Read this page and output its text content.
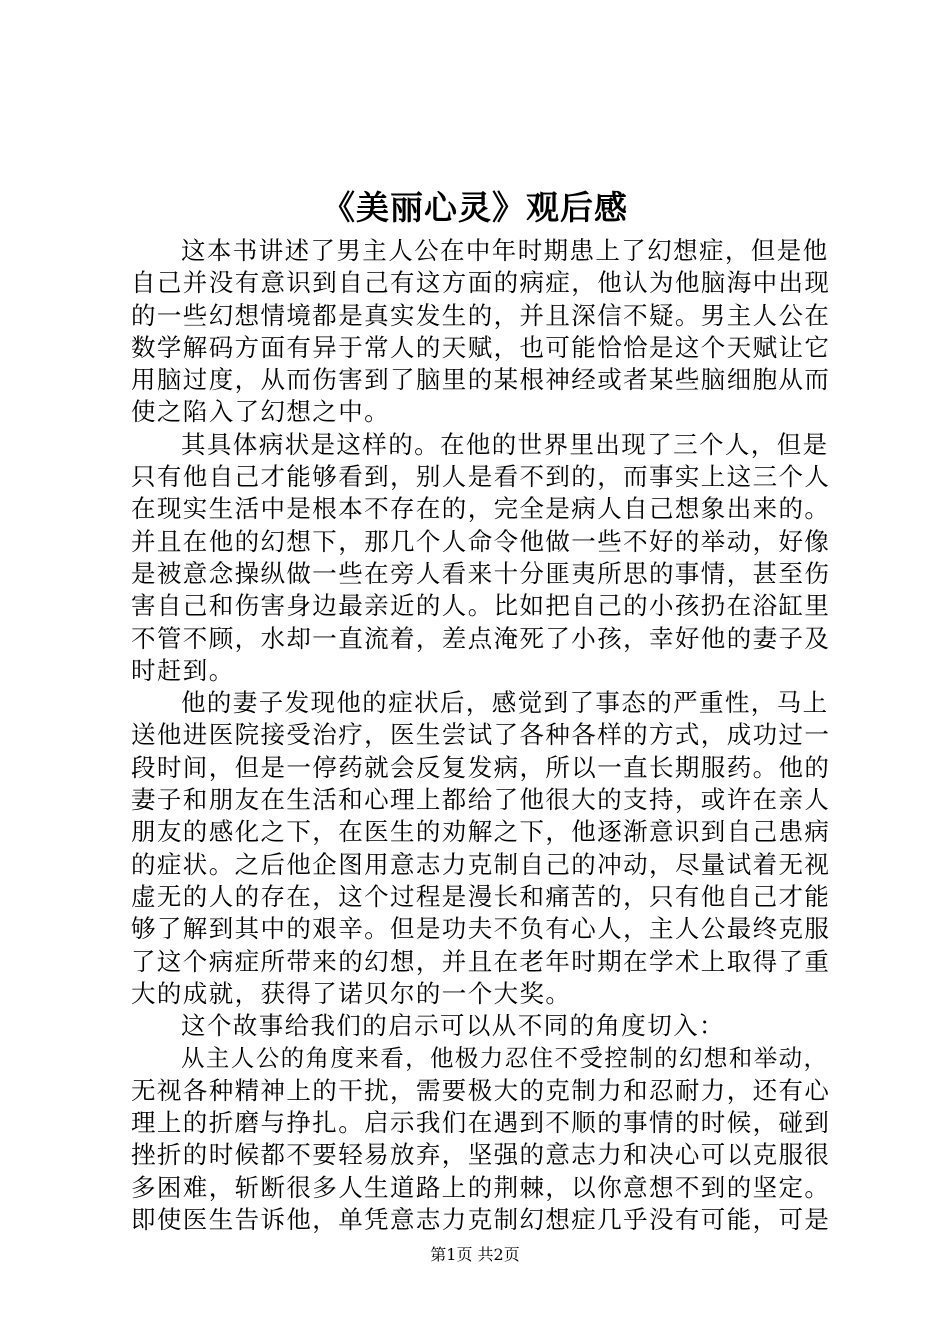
《美丽心灵》观后感
这本书讲述了男主人公在中年时期患上了幻想症，但是他
自己并没有意识到自己有这方面的病症，他认为他脑海中出现
的一些幻想情境都是真实发生的，并且深信不疑。男主人公在
数学解码方面有异于常人的天赋，也可能恰恰是这个天赋让它
用脑过度，从而伤害到了脑里的某根神经或者某些脑细胞从而
使之陷入了幻想之中。
其具体病状是这样的。在他的世界里出现了三个人，但是
只有他自己才能够看到，别人是看不到的，而事实上这三个人
在现实生活中是根本不存在的，完全是病人自己想象出来的。
并且在他的幻想下，那几个人命令他做一些不好的举动，好像
是被意念操纵做一些在旁人看来十分匪夷所思的事情，甚至伤
害自己和伤害身边最亲近的人。比如把自己的小孩扔在浴缸里
不管不顾，水却一直流着，差点淹死了小孩，幸好他的妻子及
时赶到。
他的妻子发现他的症状后，感觉到了事态的严重性，马上
送他进医院接受治疗，医生尝试了各种各样的方式，成功过一
段时间，但是一停药就会反复发病，所以一直长期服药。他的
妻子和朋友在生活和心理上都给了他很大的支持，或许在亲人
朋友的感化之下，在医生的劝解之下，他逐渐意识到自己患病
的症状。之后他企图用意志力克制自己的冲动，尽量试着无视
虚无的人的存在，这个过程是漫长和痛苦的，只有他自己才能
够了解到其中的艰辛。但是功夫不负有心人，主人公最终克服
了这个病症所带来的幻想，并且在老年时期在学术上取得了重
大的成就，获得了诺贝尔的一个大奖。
这个故事给我们的启示可以从不同的角度切入：
从主人公的角度来看，他极力忍住不受控制的幻想和举动，
无视各种精神上的干扰，需要极大的克制力和忍耐力，还有心
理上的折磨与挣扎。启示我们在遇到不顺的事情的时候，碰到
挫折的时候都不要轻易放弃，坚强的意志力和决心可以克服很
多困难，斩断很多人生道路上的荆棘，以你意想不到的坚定。
即使医生告诉他，单凭意志力克制幻想症几乎没有可能，可是
第1页 共2页
